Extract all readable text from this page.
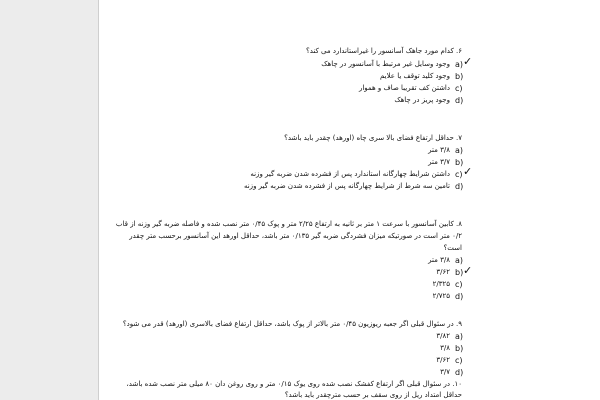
۶. کدام مورد جاهک آسانسور را غیراستاندارد می کند؟
✓
a)
وجود وسایل غیر مرتبط با آسانسور در چاهک
b)
وجود کلید توقف یا علایم
c)
داشتن کف تقریبا صاف و هموار
d)
وجود پریز در چاهک
۷. حداقل ارتفاع فضای بالا سری چاه (اورهد) چقدر باید باشد؟
a)
۳/۸ متر
b)
۳/۷ متر
✓
c)
داشتن شرایط چهارگانه استاندارد پس از فشرده شدن ضربه گیر وزنه
d)
تامین سه شرط از شرایط چهارگانه پس از فشرده شدن ضربه گیر وزنه
۸. کابین آسانسور با سرعت ۱ متر بر ثانیه به ارتفاع ۲/۲۵ متر و پوک ۰/۴۵ متر نصب شده و فاصله ضربه گیر وزنه از قاب
۰/۲ متر است در صورتیکه میزان فشردگی ضربه گیر ۰/۱۳۵ متر باشد، حداقل اورهد این آسانسور برحسب متر چقدر
است؟
a)
۳/۸ متر
✓
b)
۳/۶۲
c)
۲/۳۲۵
d)
۲/۷۲۵
۹. در سئوال قبلی اگر جعبه ریوزیون ۰/۴۵ متر بالاتر از پوک باشد، حداقل ارتفاع فضای بالاسری (اورهد) قدر می شود؟
a)
۳/۸۲
b)
۳/۸
c)
۳/۶۲
d)
۳/۷
۱۰. در سئوال قبلی اگر ارتفاع کفشک نصب شده روی یوک ۰/۱۵ متر و روی روغن دان ۸۰ میلی متر نصب شده باشد،
حداقل امتداد ریل از روی سقف بر حسب مترچقدر باید باشد؟
